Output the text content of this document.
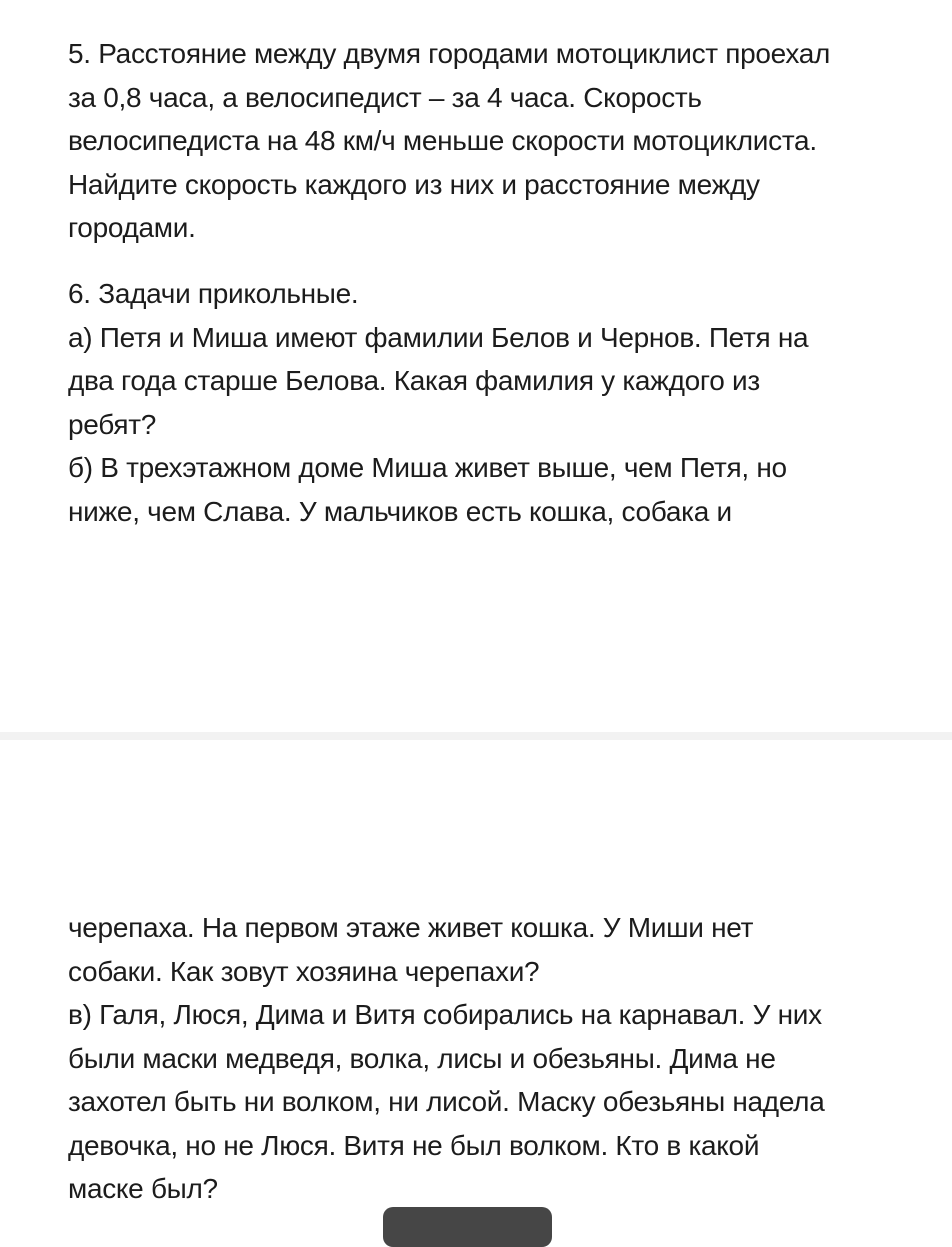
5. Расстояние между двумя городами мотоциклист проехал
за 0,8 часа, а велосипедист – за 4 часа. Скорость
велосипедиста на 48 км/ч меньше скорости мотоциклиста.
Найдите скорость каждого из них и расстояние между
городами.

6. Задачи прикольные.
а) Петя и Миша имеют фамилии Белов и Чернов. Петя на
два года старше Белова. Какая фамилия у каждого из
ребят?
б) В трехэтажном доме Миша живет выше, чем Петя, но
ниже, чем Слава. У мальчиков есть кошка, собака и

черепаха. На первом этаже живет кошка. У Миши нет
собаки. Как зовут хозяина черепахи?
в) Галя, Люся, Дима и Витя собирались на карнавал. У них
были маски медведя, волка, лисы и обезьяны. Дима не
захотел быть ни волком, ни лисой. Маску обезьяны надела
девочка, но не Люся. Витя не был волком. Кто в какой
маске был?
